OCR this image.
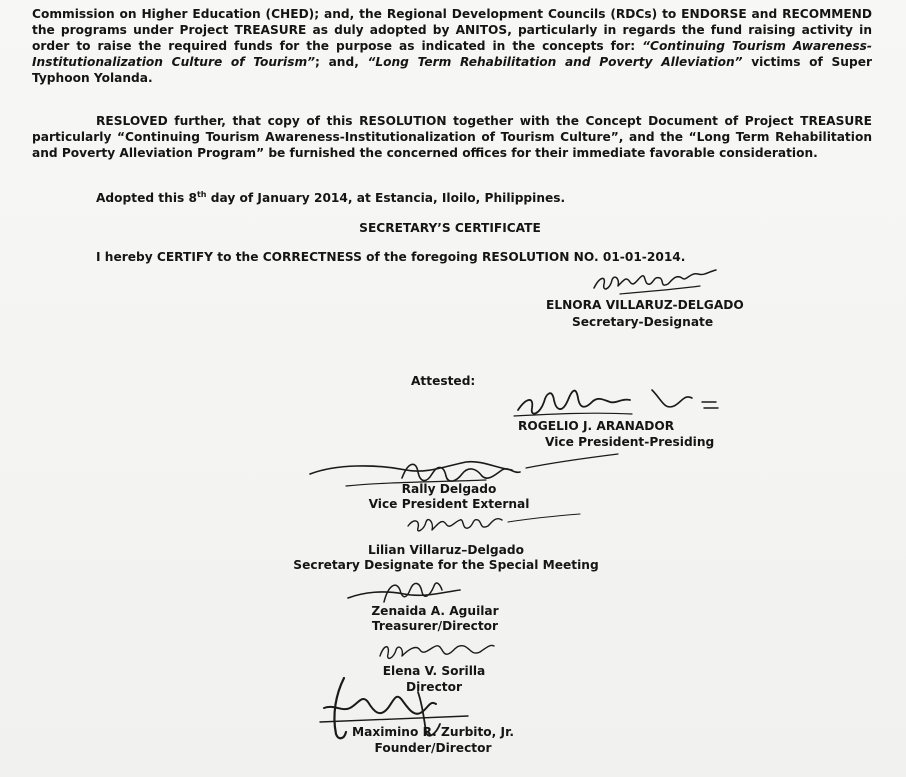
Commission on Higher Education (CHED); and, the Regional Development Councils (RDCs) to ENDORSE and RECOMMEND the programs under Project TREASURE as duly adopted by ANITOS, particularly in regards the fund raising activity in order to raise the required funds for the purpose as indicated in the concepts for: “Continuing Tourism Awareness-Institutionalization Culture of Tourism”; and, “Long Term Rehabilitation and Poverty Alleviation” victims of Super Typhoon Yolanda.

RESLOVED further, that copy of this RESOLUTION together with the Concept Document of Project TREASURE particularly “Continuing Tourism Awareness-Institutionalization of Tourism Culture”, and the “Long Term Rehabilitation and Poverty Alleviation Program” be furnished the concerned offices for their immediate favorable consideration.

Adopted this 8th day of January 2014, at Estancia, Iloilo, Philippines.
SECRETARY’S CERTIFICATE
I hereby CERTIFY to the CORRECTNESS of the foregoing RESOLUTION NO. 01-01-2014.
ELNORA VILLARUZ-DELGADO
Secretary-Designate
Attested:
ROGELIO J. ARANADOR
Vice President-Presiding
Rally Delgado
Vice President External
Lilian Villaruz–Delgado
Secretary Designate for the Special Meeting
Zenaida A. Aguilar
Treasurer/Director
Elena V. Sorilla
Director
Maximino R. Zurbito, Jr.
Founder/Director
